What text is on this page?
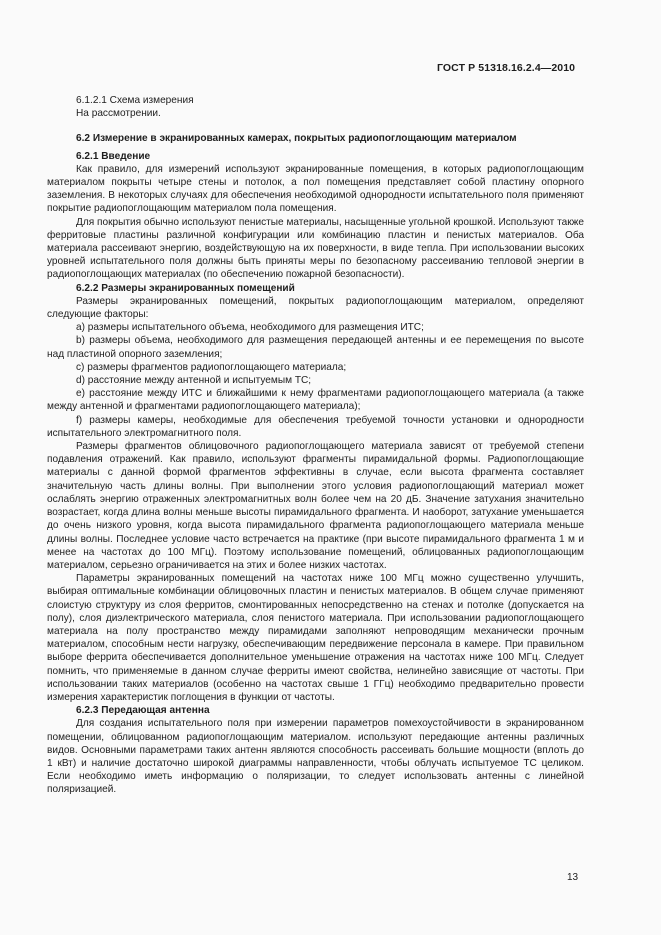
ГОСТ Р 51318.16.2.4—2010

6.1.2.1 Схема измерения

На рассмотрении.

6.2 Измерение в экранированных камерах, покрытых радиопоглощающим материалом

6.2.1 Введение

Как правило, для измерений используют экранированные помещения, в которых радиопоглощающим материалом покрыты четыре стены и потолок, а пол помещения представляет собой пластину опорного заземления. В некоторых случаях для обеспечения необходимой однородности испытательного поля применяют покрытие радиопоглощающим материалом пола помещения.

Для покрытия обычно используют пенистые материалы, насыщенные угольной крошкой. Используют также ферритовые пластины различной конфигурации или комбинацию пластин и пенистых материалов. Оба материала рассеивают энергию, воздействующую на их поверхности, в виде тепла. При использовании высоких уровней испытательного поля должны быть приняты меры по безопасному рассеиванию тепловой энергии в радиопоглощающих материалах (по обеспечению пожарной безопасности).

6.2.2 Размеры экранированных помещений

Размеры экранированных помещений, покрытых радиопоглощающим материалом, определяют следующие факторы:

a) размеры испытательного объема, необходимого для размещения ИТС;

b) размеры объема, необходимого для размещения передающей антенны и ее перемещения по высоте над пластиной опорного заземления;

c) размеры фрагментов радиопоглощающего материала;

d) расстояние между антенной и испытуемым ТС;

e) расстояние между ИТС и ближайшими к нему фрагментами радиопоглощающего материала (а также между антенной и фрагментами радиопоглощающего материала);

f) размеры камеры, необходимые для обеспечения требуемой точности установки и однородности испытательного электромагнитного поля.

Размеры фрагментов облицовочного радиопоглощающего материала зависят от требуемой степени подавления отражений. Как правило, используют фрагменты пирамидальной формы. Радиопоглощающие материалы с данной формой фрагментов эффективны в случае, если высота фрагмента составляет значительную часть длины волны. При выполнении этого условия радиопоглощающий материал может ослаблять энергию отраженных электромагнитных волн более чем на 20 дБ. Значение затухания значительно возрастает, когда длина волны меньше высоты пирамидального фрагмента. И наоборот, затухание уменьшается до очень низкого уровня, когда высота пирамидального фрагмента радиопоглощающего материала меньше длины волны. Последнее условие часто встречается на практике (при высоте пирамидального фрагмента 1 м и менее на частотах до 100 МГц). Поэтому использование помещений, облицованных радиопоглощающим материалом, серьезно ограничивается на этих и более низких частотах.

Параметры экранированных помещений на частотах ниже 100 МГц можно существенно улучшить, выбирая оптимальные комбинации облицовочных пластин и пенистых материалов. В общем случае применяют слоистую структуру из слоя ферритов, смонтированных непосредственно на стенах и потолке (допускается на полу), слоя диэлектрического материала, слоя пенистого материала. При использовании радиопоглощающего материала на полу пространство между пирамидами заполняют непроводящим механически прочным материалом, способным нести нагрузку, обеспечивающим передвижение персонала в камере. При правильном выборе феррита обеспечивается дополнительное уменьшение отражения на частотах ниже 100 МГц. Следует помнить, что применяемые в данном случае ферриты имеют свойства, нелинейно зависящие от частоты. При использовании таких материалов (особенно на частотах свыше 1 ГГц) необходимо предварительно провести измерения характеристик поглощения в функции от частоты.

6.2.3 Передающая антенна

Для создания испытательного поля при измерении параметров помехоустойчивости в экранированном помещении, облицованном радиопоглощающим материалом. используют передающие антенны различных видов. Основными параметрами таких антенн являются способность рассеивать большие мощности (вплоть до 1 кВт) и наличие достаточно широкой диаграммы направленности, чтобы облучать испытуемое ТС целиком. Если необходимо иметь информацию о поляризации, то следует использовать антенны с линейной поляризацией.

13
